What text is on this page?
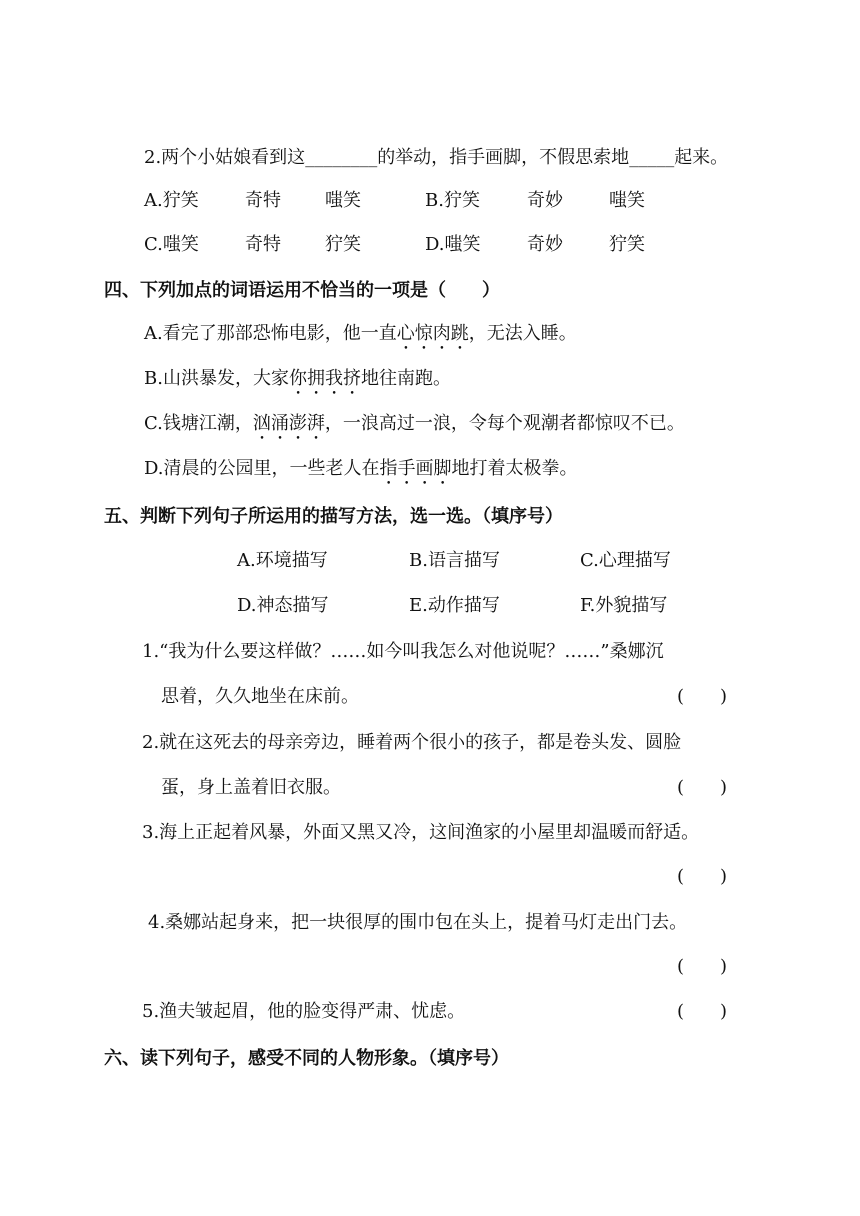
2.两个小姑娘看到这________的举动，指手画脚，不假思索地_____起来。
A.狞笑	奇特 嗤笑	B.狞笑	奇妙	嗤笑
C.嗤笑	奇特 狞笑	D.嗤笑	奇妙	狞笑
四、下列加点的词语运用不恰当的一项是（　　）
A.看完了那部恐怖电影，他一直心惊肉跳，无法入睡。
B.山洪暴发，大家你拥我挤地往南跑。
C.钱塘江潮，汹涌澎湃，一浪高过一浪，令每个观潮者都惊叹不已。
D.清晨的公园里，一些老人在指手画脚地打着太极拳。
五、判断下列句子所运用的描写方法，选一选。（填序号）
A.环境描写	B.语言描写	C.心理描写
D.神态描写	E.动作描写	F.外貌描写
1.“我为什么要这样做？……如今叫我怎么对他说呢？……”桑娜沉
思着，久久地坐在床前。	(　　)
2.就在这死去的母亲旁边，睡着两个很小的孩子，都是卷头发、圆脸
蛋，身上盖着旧衣服。	(　　)
3.海上正起着风暴，外面又黑又冷，这间渔家的小屋里却温暖而舒适。
(　　)
4.桑娜站起身来，把一块很厚的围巾包在头上，提着马灯走出门去。
(　　)
5.渔夫皱起眉，他的脸变得严肃、忧虑。	(　　)
六、读下列句子，感受不同的人物形象。（填序号）
